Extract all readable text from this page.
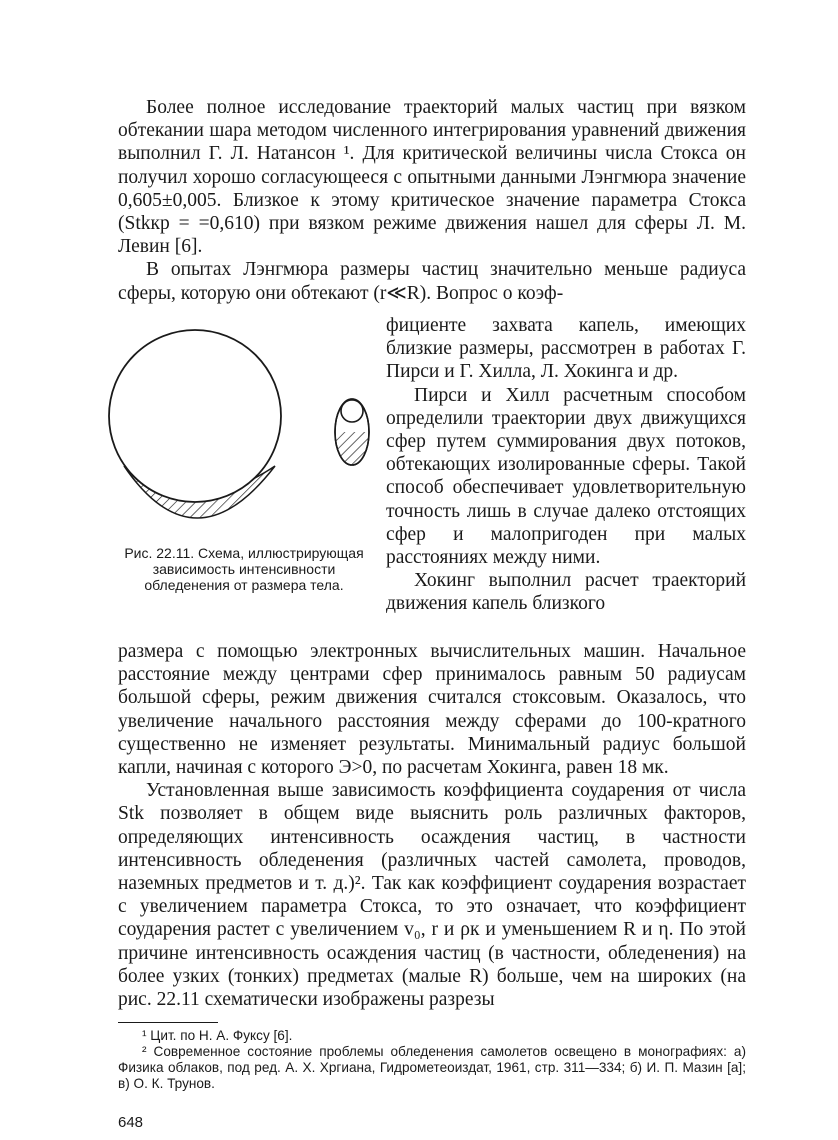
Более полное исследование траекторий малых частиц при вязком обтекании шара методом численного интегрирования уравнений движения выполнил Г. Л. Натансон ¹. Для критической величины числа Стокса он получил хорошо согласующееся с опытными данными Лэнгмюра значение 0,605±0,005. Близкое к этому критическое значение параметра Стокса (Stkкр = =0,610) при вязком режиме движения нашел для сферы Л. М. Левин [6].

В опытах Лэнгмюра размеры частиц значительно меньше радиуса сферы, которую они обтекают (r≪R). Вопрос о коэф-

фициенте захвата капель, имеющих близкие размеры, рассмотрен в работах Г. Пирси и Г. Хилла, Л. Хокинга и др.

Пирси и Хилл расчетным способом определили траектории двух движущихся сфер путем суммирования двух потоков, обтекающих изолированные сферы. Такой способ обеспечивает удовлетворительную точность лишь в случае далеко отстоящих сфер и малопригоден при малых расстояниях между ними.

Хокинг выполнил расчет траекторий движения капель близкого

Рис. 22.11. Схема, иллюстрирующая зависимость интенсивности обледенения от размера тела.

размера с помощью электронных вычислительных машин. Начальное расстояние между центрами сфер принималось равным 50 радиусам большой сферы, режим движения считался стоксовым. Оказалось, что увеличение начального расстояния между сферами до 100-кратного существенно не изменяет результаты. Минимальный радиус большой капли, начиная с которого Э>0, по расчетам Хокинга, равен 18 мк.

Установленная выше зависимость коэффициента соударения от числа Stk позволяет в общем виде выяснить роль различных факторов, определяющих интенсивность осаждения частиц, в частности интенсивность обледенения (различных частей самолета, проводов, наземных предметов и т. д.)². Так как коэффициент соударения возрастает с увеличением параметра Стокса, то это означает, что коэффициент соударения растет с увеличением v₀, r и ρк и уменьшением R и η. По этой причине интенсивность осаждения частиц (в частности, обледенения) на более узких (тонких) предметах (малые R) больше, чем на широких (на рис. 22.11 схематически изображены разрезы

¹ Цит. по Н. А. Фуксу [6].

² Современное состояние проблемы обледенения самолетов освещено в монографиях: а) Физика облаков, под ред. А. Х. Хргиана, Гидрометеоиздат, 1961, стр. 311—334; б) И. П. Мазин [а]; в) О. К. Трунов.

648
